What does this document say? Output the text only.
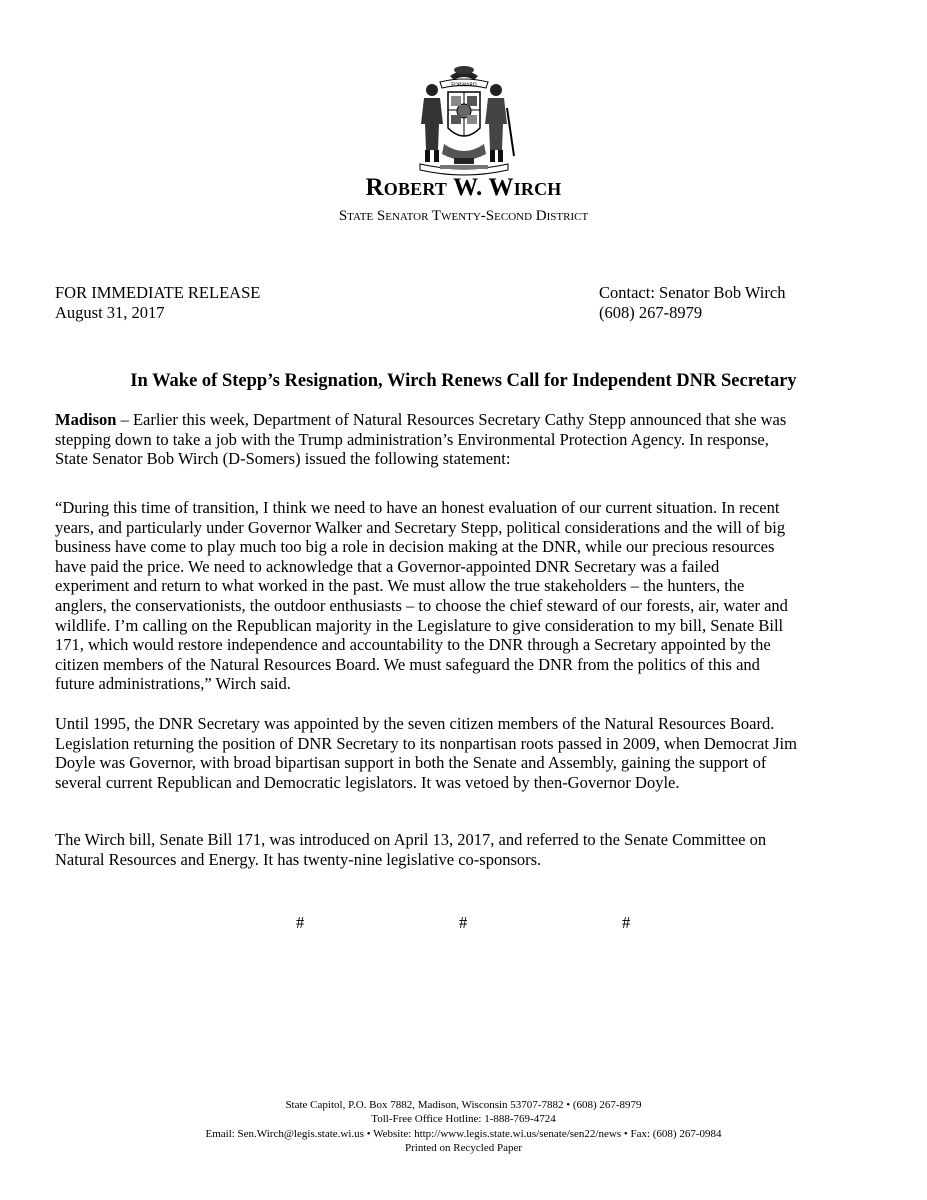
FORWARD
Robert W. Wirch
State Senator Twenty-Second District
FOR IMMEDIATE RELEASE
August 31, 2017
Contact: Senator Bob Wirch
(608) 267-8979
In Wake of Stepp’s Resignation, Wirch Renews Call for Independent DNR Secretary
Madison – Earlier this week, Department of Natural Resources Secretary Cathy Stepp announced that she was
stepping down to take a job with the Trump administration’s Environmental Protection Agency. In response,
State Senator Bob Wirch (D-Somers) issued the following statement:
“During this time of transition, I think we need to have an honest evaluation of our current situation. In recent
years, and particularly under Governor Walker and Secretary Stepp, political considerations and the will of big
business have come to play much too big a role in decision making at the DNR, while our precious resources
have paid the price. We need to acknowledge that a Governor-appointed DNR Secretary was a failed
experiment and return to what worked in the past. We must allow the true stakeholders – the hunters, the
anglers, the conservationists, the outdoor enthusiasts – to choose the chief steward of our forests, air, water and
wildlife. I’m calling on the Republican majority in the Legislature to give consideration to my bill, Senate Bill
171, which would restore independence and accountability to the DNR through a Secretary appointed by the
citizen members of the Natural Resources Board. We must safeguard the DNR from the politics of this and
future administrations,” Wirch said.
Until 1995, the DNR Secretary was appointed by the seven citizen members of the Natural Resources Board.
Legislation returning the position of DNR Secretary to its nonpartisan roots passed in 2009, when Democrat Jim
Doyle was Governor, with broad bipartisan support in both the Senate and Assembly, gaining the support of
several current Republican and Democratic legislators. It was vetoed by then-Governor Doyle.
The Wirch bill, Senate Bill 171, was introduced on April 13, 2017, and referred to the Senate Committee on
Natural Resources and Energy. It has twenty-nine legislative co-sponsors.
#	#	#
State Capitol, P.O. Box 7882, Madison, Wisconsin 53707-7882 • (608) 267-8979
Toll-Free Office Hotline: 1-888-769-4724
Email: Sen.Wirch@legis.state.wi.us • Website: http://www.legis.state.wi.us/senate/sen22/news • Fax: (608) 267-0984
Printed on Recycled Paper
